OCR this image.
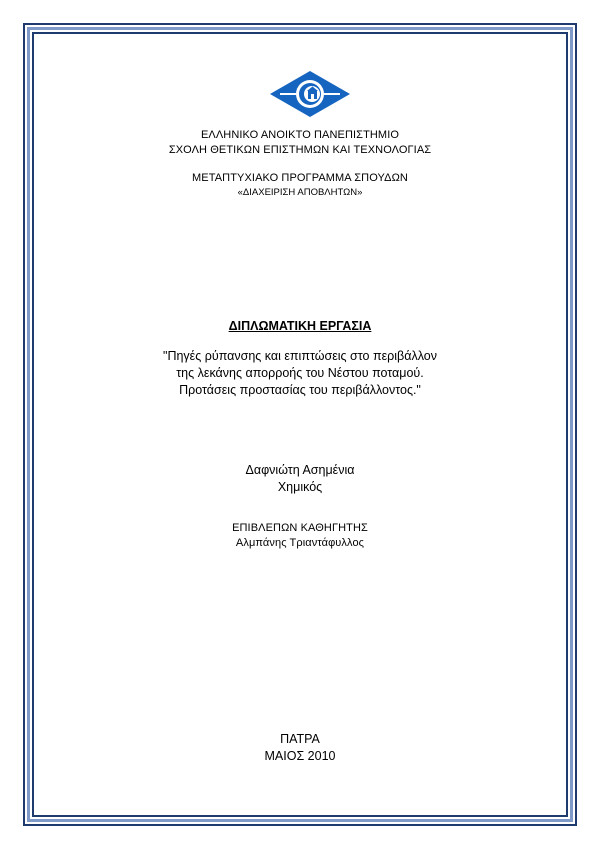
ΕΛΛΗΝΙΚΟ ΑΝΟΙΚΤΟ ΠΑΝΕΠΙΣΤΗΜΙΟ
ΣΧΟΛΗ ΘΕΤΙΚΩΝ ΕΠΙΣΤΗΜΩΝ ΚΑΙ ΤΕΧΝΟΛΟΓΙΑΣ
ΜΕΤΑΠΤΥΧΙΑΚΟ ΠΡΟΓΡΑΜΜΑ ΣΠΟΥΔΩΝ
«ΔΙΑΧΕΙΡΙΣΗ ΑΠΟΒΛΗΤΩΝ»
ΔΙΠΛΩΜΑΤΙΚΗ ΕΡΓΑΣΙΑ
"Πηγές ρύπανσης και επιπτώσεις στο περιβάλλον
της λεκάνης απορροής του Νέστου ποταμού.
Προτάσεις προστασίας του περιβάλλοντος."
Δαφνιώτη Ασημένια
Χημικός
ΕΠΙΒΛΕΠΩΝ ΚΑΘΗΓΗΤΗΣ
Αλμπάνης Τριαντάφυλλος
ΠΑΤΡΑ
ΜΑΙΟΣ 2010
